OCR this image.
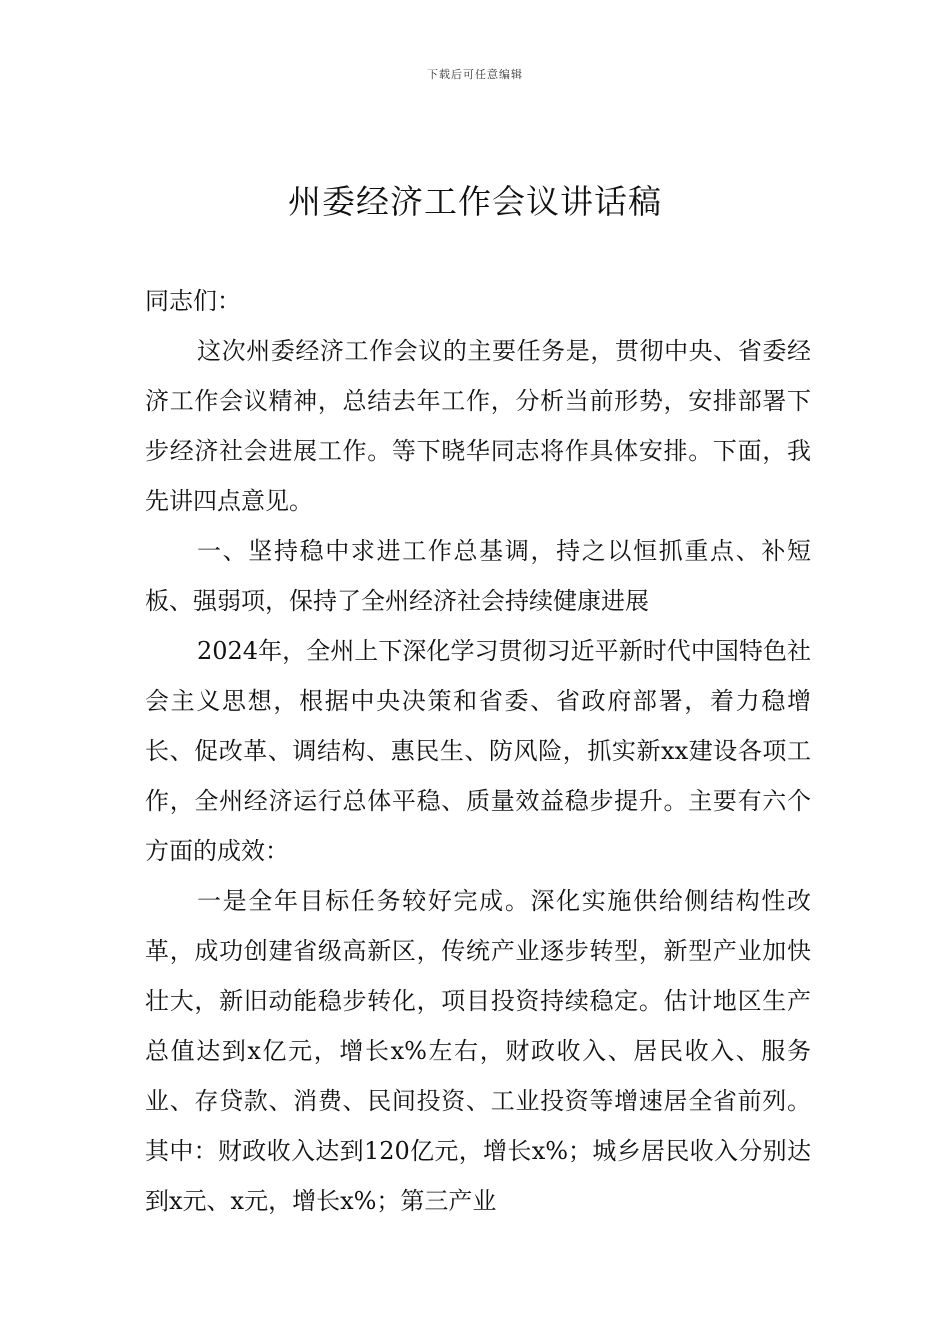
下载后可任意编辑
州委经济工作会议讲话稿

同志们：

这次州委经济工作会议的主要任务是，贯彻中央、省委经济工作会议精神，总结去年工作，分析当前形势，安排部署下步经济社会进展工作。等下晓华同志将作具体安排。下面，我先讲四点意见。

一、坚持稳中求进工作总基调，持之以恒抓重点、补短板、强弱项，保持了全州经济社会持续健康进展

2024年，全州上下深化学习贯彻习近平新时代中国特色社会主义思想，根据中央决策和省委、省政府部署，着力稳增长、促改革、调结构、惠民生、防风险，抓实新xx建设各项工作，全州经济运行总体平稳、质量效益稳步提升。主要有六个方面的成效：

一是全年目标任务较好完成。深化实施供给侧结构性改革，成功创建省级高新区，传统产业逐步转型，新型产业加快壮大，新旧动能稳步转化，项目投资持续稳定。估计地区生产总值达到x亿元，增长x%左右，财政收入、居民收入、服务业、存贷款、消费、民间投资、工业投资等增速居全省前列。其中：财政收入达到120亿元，增长x%；城乡居民收入分别达到x元、x元，增长x%；第三产业
